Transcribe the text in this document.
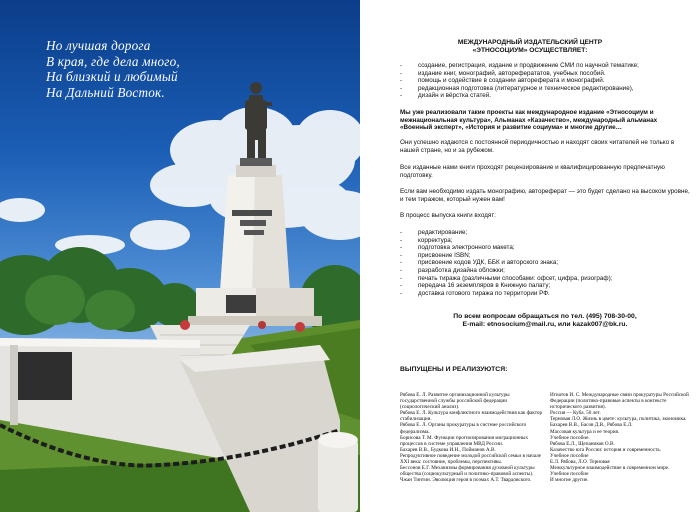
Но лучшая дорога
В края, где дела много,
На близкий и любимый
На Дальний Восток.
МЕЖДУНАРОДНЫЙ ИЗДАТЕЛЬСКИЙ ЦЕНТР
«ЭТНОСОЦИУМ» ОСУЩЕСТВЛЯЕТ:
- создание, регистрация, издание и продвижение СМИ по научной тематике;
- издание книг, монографий, автореферататов, учебных пособий.
- помощь и содействие в создании автореферата и монографий.
- редакционная подготовка (литературное и техническое редактирование),
- дизайн и вёрстка статей.
Мы уже реализовали такие проекты как международное издание «Этносоциум и межнациональная культура», Альманах «Казачество», международный альманах «Военный эксперт», «История и развитие социума» и многие другие…
Они успешно издаются с постоянной периодичностью и находят своих читателей не только в нашей стране, но и за рубежом.
Все изданные нами книги проходят рецензирование и квалифицированную предпечатную подготовку.
Если вам необходимо издать монографию, автореферат — это будет сделано на высоком уровне, и тем тиражом, который нужен вам!
В процесс выпуска книги входят:
- редактирование;
- корректура;
- подготовка электронного макета;
- присвоение ISBN;
- присвоение кодов УДК, ББК и авторского знака;
- разработка дизайна обложки;
- печать тиража (различными способами: офсет, цифра, ризограф);
- передача 16 экземпляров в Книжную палату;
- доставка готового тиража по территории РФ.
По всем вопросам обращаться по тел. (495) 708-30-00,
E-mail: etnosocium@mail.ru, или kazak007@bk.ru.
ВЫПУЩЕНЫ И РЕАЛИЗУЮТСЯ:
Рябова Е. Л. Развитие организационной культуры государственной службы российской федерации (социологический анализ).
Рябова Е. Л. Культура конфликтного взаимодействия как фактор стабилизации.
Рябова Е. Л. Органы прокуратуры в системе российского федерализма.
Борисова Т. М. Функции прогнозирования миграционных процессов в системе управления МВД России.
Бахарев В.В., Будкова И.Н., Пойманов А.В.
Репродуктивное поведение молодой российской семьи в начале XXI века: состояние, проблемы, перспективы.
Бессонов Е.Г. Механизмы формирования духовной культуры общества (социокультурный и политико-правовой аспекты).
Чжан Тинтин. Эволюция героя в поэмах А.Т. Твардовского.
Игнатов И. С. Международные связи прокуратуры Российской Федерации (политико-правовые аспекты в контексте исторического развития).
Россия — Куба. 50 лет.
Терновая Л.О. Жизнь в цвете: культура, политика, экономика.
Бахарев В.В., Басов Д.В., Рябова Е.Л.
Массовая культура и ее теория.
Учебное пособие.
Рябова Е.Л., Щепаников О.В.
Казачество юга России: история и современность.
Учебное пособие
Е.Л. Рябова, Л.О. Терновая
Межкультурное взаимодействие в современном мире.
Учебное пособие
И многие другие.
